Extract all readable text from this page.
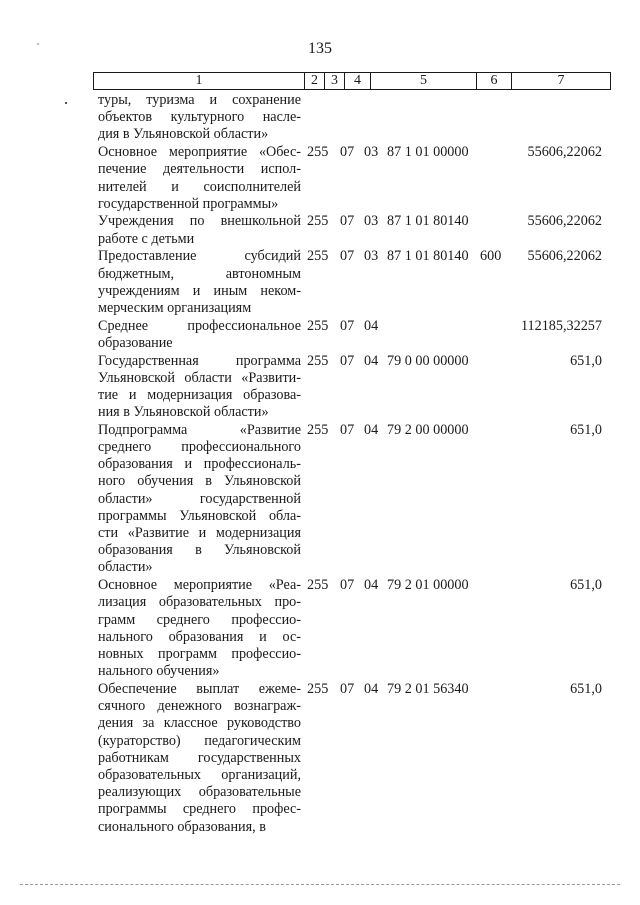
135
1	2 3	4	5	6	7
туры, туризма и сохранение
объектов культурного насле-
дия в Ульяновской области»
Основное мероприятие «Обес-
печение деятельности испол-
нителей и соисполнителей
государственной программы»
255 07 03 87 1 01 00000	55606,22062
Учреждения по внешкольной
работе с детьми
255 07 03 87 1 01 80140	55606,22062
Предоставление субсидий
бюджетным, автономным
учреждениям и иным неком-
мерческим организациям
255 07 03 87 1 01 80140 600 55606,22062
Среднее профессиональное
образование
255 07 04	112185,32257
Государственная программа
Ульяновской области «Развити-
тие и модернизация образова-
ния в Ульяновской области»
255 07 04 79 0 00 00000	651,0
Подпрограмма «Развитие
среднего профессионального
образования и профессиональ-
ного обучения в Ульяновской
области» государственной
программы Ульяновской обла-
сти «Развитие и модернизация
образования в Ульяновской
области»
255 07 04 79 2 00 00000	651,0
Основное мероприятие «Реа-
лизация образовательных про-
грамм среднего профессио-
нального образования и ос-
новных программ профессио-
нального обучения»
255 07 04 79 2 01 00000	651,0
Обеспечение выплат ежеме-
сячного денежного вознаграж-
дения за классное руководство
(кураторство) педагогическим
работникам государственных
образовательных организаций,
реализующих образовательные
программы среднего профес-
сионального образования, в
255 07 04 79 2 01 56340	651,0
